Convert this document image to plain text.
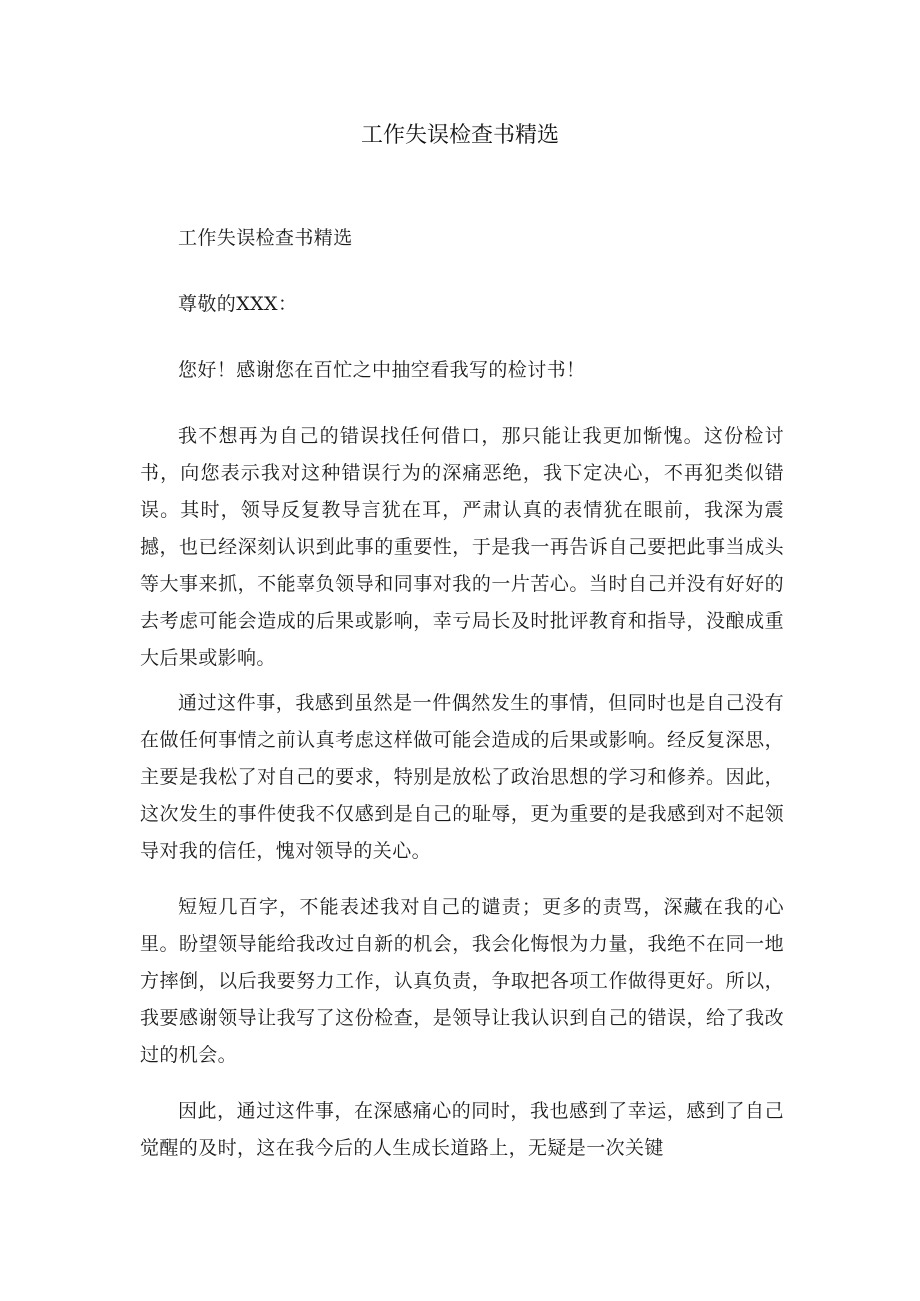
工作失误检查书精选

工作失误检查书精选

尊敬的XXX：

您好！感谢您在百忙之中抽空看我写的检讨书！

我不想再为自己的错误找任何借口，那只能让我更加惭愧。这份检讨书，向您表示我对这种错误行为的深痛恶绝，我下定决心，不再犯类似错误。其时，领导反复教导言犹在耳，严肃认真的表情犹在眼前，我深为震撼，也已经深刻认识到此事的重要性，于是我一再告诉自己要把此事当成头等大事来抓，不能辜负领导和同事对我的一片苦心。当时自己并没有好好的去考虑可能会造成的后果或影响，幸亏局长及时批评教育和指导，没酿成重大后果或影响。

通过这件事，我感到虽然是一件偶然发生的事情，但同时也是自己没有在做任何事情之前认真考虑这样做可能会造成的后果或影响。经反复深思，主要是我松了对自己的要求，特别是放松了政治思想的学习和修养。因此，这次发生的事件使我不仅感到是自己的耻辱，更为重要的是我感到对不起领导对我的信任，愧对领导的关心。

短短几百字，不能表述我对自己的谴责；更多的责骂，深藏在我的心里。盼望领导能给我改过自新的机会，我会化悔恨为力量，我绝不在同一地方摔倒，以后我要努力工作，认真负责，争取把各项工作做得更好。所以，我要感谢领导让我写了这份检查，是领导让我认识到自己的错误，给了我改过的机会。

因此，通过这件事，在深感痛心的同时，我也感到了幸运，感到了自己觉醒的及时，这在我今后的人生成长道路上，无疑是一次关键
